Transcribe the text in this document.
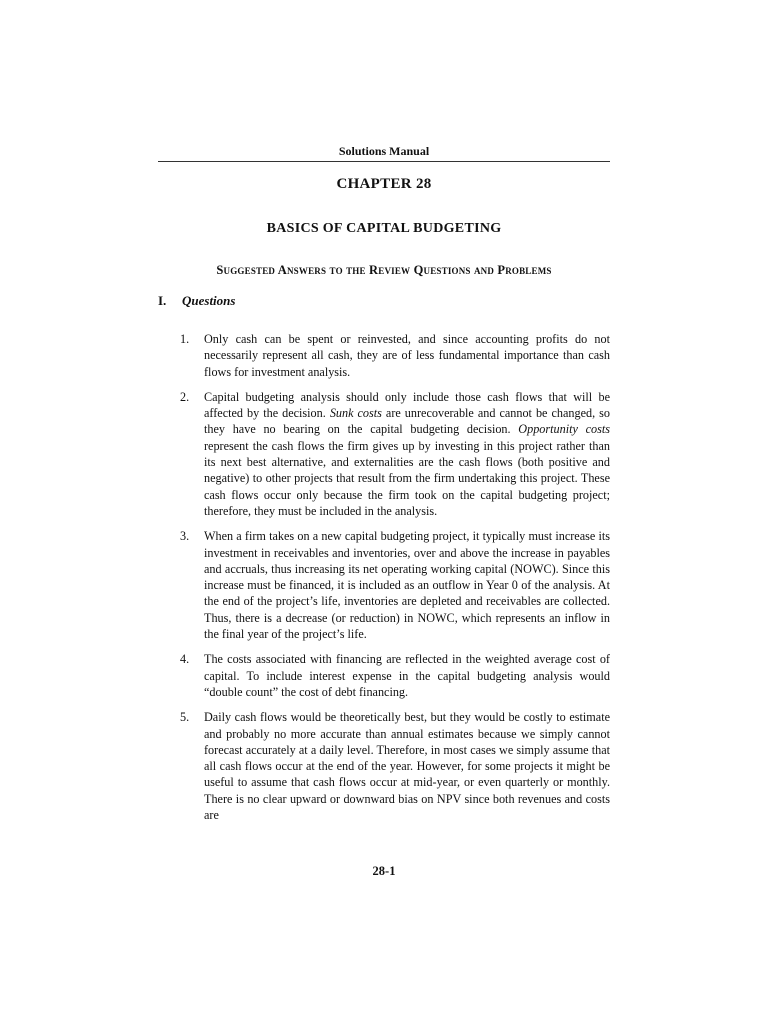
Solutions Manual
CHAPTER 28
BASICS OF CAPITAL BUDGETING
Suggested Answers to the Review Questions and Problems
I. Questions
1. Only cash can be spent or reinvested, and since accounting profits do not necessarily represent all cash, they are of less fundamental importance than cash flows for investment analysis.
2. Capital budgeting analysis should only include those cash flows that will be affected by the decision. Sunk costs are unrecoverable and cannot be changed, so they have no bearing on the capital budgeting decision. Opportunity costs represent the cash flows the firm gives up by investing in this project rather than its next best alternative, and externalities are the cash flows (both positive and negative) to other projects that result from the firm undertaking this project. These cash flows occur only because the firm took on the capital budgeting project; therefore, they must be included in the analysis.
3. When a firm takes on a new capital budgeting project, it typically must increase its investment in receivables and inventories, over and above the increase in payables and accruals, thus increasing its net operating working capital (NOWC). Since this increase must be financed, it is included as an outflow in Year 0 of the analysis. At the end of the project’s life, inventories are depleted and receivables are collected. Thus, there is a decrease (or reduction) in NOWC, which represents an inflow in the final year of the project’s life.
4. The costs associated with financing are reflected in the weighted average cost of capital. To include interest expense in the capital budgeting analysis would “double count” the cost of debt financing.
5. Daily cash flows would be theoretically best, but they would be costly to estimate and probably no more accurate than annual estimates because we simply cannot forecast accurately at a daily level. Therefore, in most cases we simply assume that all cash flows occur at the end of the year. However, for some projects it might be useful to assume that cash flows occur at mid-year, or even quarterly or monthly. There is no clear upward or downward bias on NPV since both revenues and costs are
28-1
